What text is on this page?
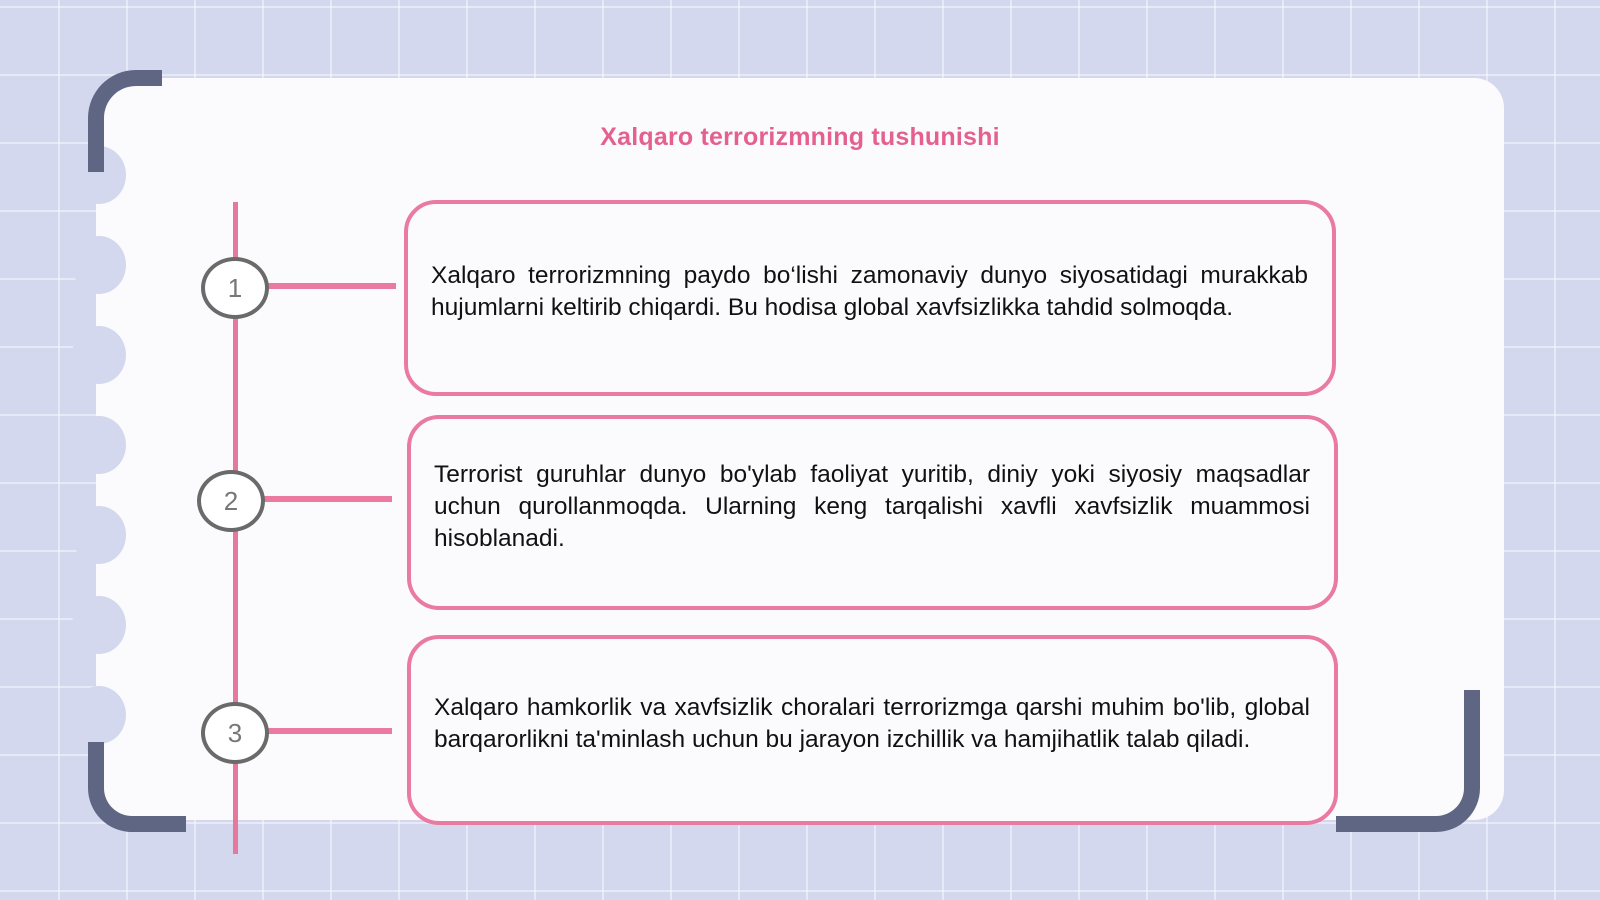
Xalqaro terrorizmning tushunishi
1
2
3
Xalqaro terrorizmning paydo bo‘lishi zamonaviy dunyo siyosatidagi murakkab hujumlarni keltirib chiqardi. Bu hodisa global xavfsizlikka tahdid solmoqda.
Terrorist guruhlar dunyo bo'ylab faoliyat yuritib, diniy yoki siyosiy maqsadlar uchun qurollanmoqda. Ularning keng tarqalishi xavfli xavfsizlik muammosi hisoblanadi.
Xalqaro hamkorlik va xavfsizlik choralari terrorizmga qarshi muhim bo'lib, global barqarorlikni ta'minlash uchun bu jarayon izchillik va hamjihatlik talab qiladi.
